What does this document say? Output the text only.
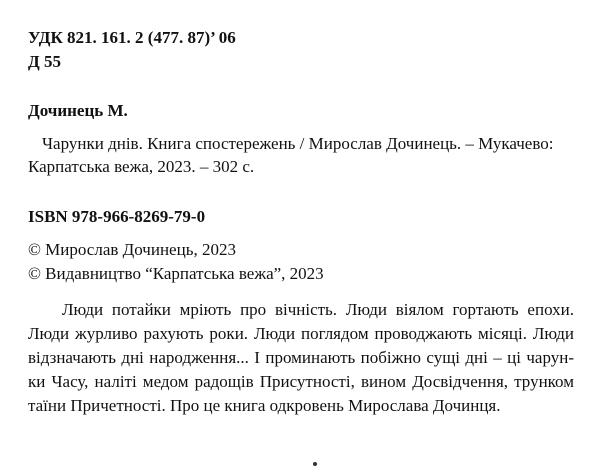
УДК 821. 161. 2 (477. 87)’ 06
Д 55
Дочинець М.
Чарунки днів. Книга спостережень / Мирослав Дочинець. – Мукачево:
Карпатська вежа, 2023. – 302 с.
ISBN 978-966-8269-79-0
© Мирослав Дочинець, 2023
© Видавництво “Карпатська вежа”, 2023
Люди потайки мріють про вічність. Люди віялом гортають епохи.
Люди журливо рахують роки. Люди поглядом проводжають місяці. Люди
відзначають дні народження... І проминають побіжно сущі дні – ці чарун-
ки Часу, наліті медом радощів Присутності, вином Досвідчення, трунком
таїни Причетності. Про це книга одкровень Мирослава Дочинця.
